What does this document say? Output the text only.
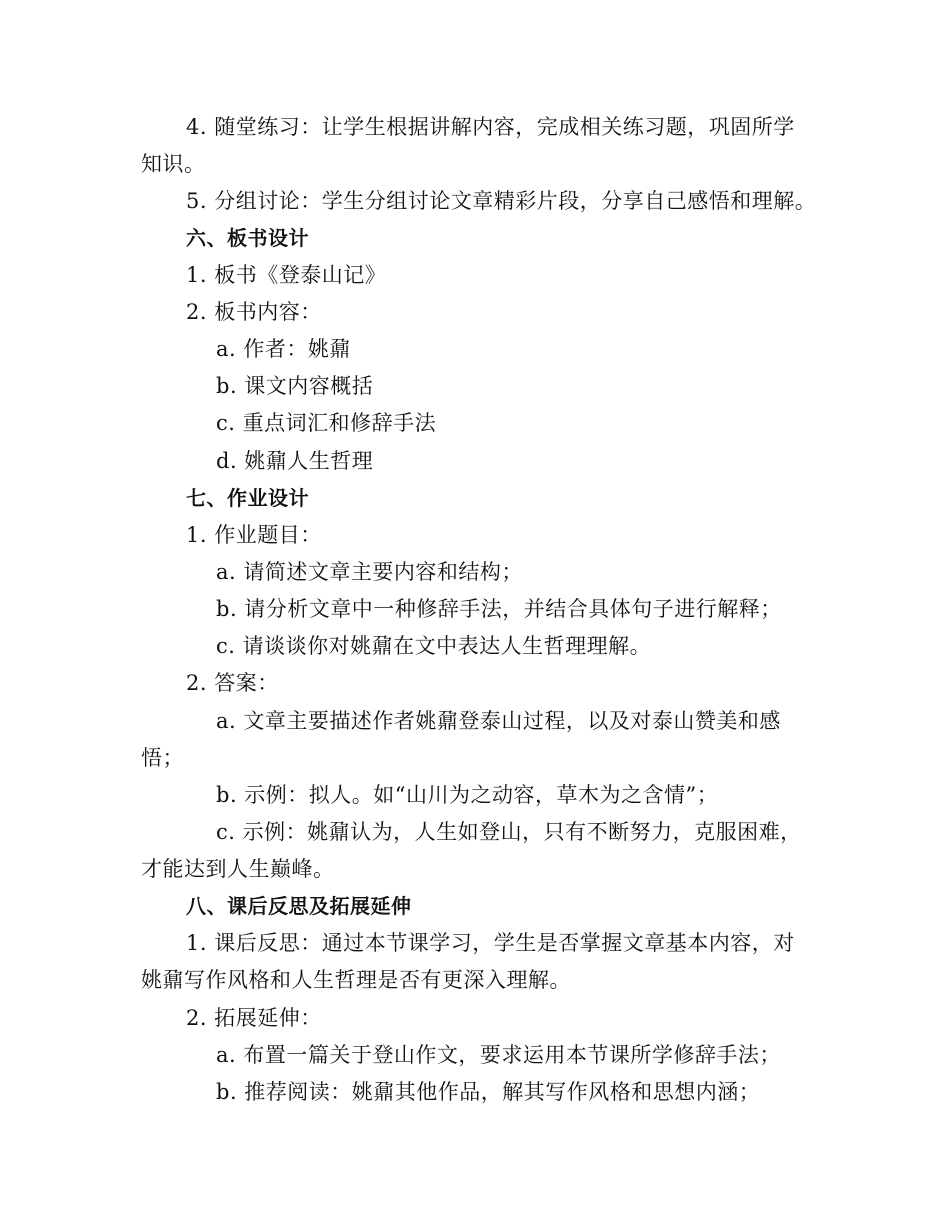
4. 随堂练习：让学生根据讲解内容，完成相关练习题，巩固所学
知识。
5. 分组讨论：学生分组讨论文章精彩片段，分享自己感悟和理解。
六、板书设计
1. 板书《登泰山记》
2. 板书内容：
a. 作者：姚鼐
b. 课文内容概括
c. 重点词汇和修辞手法
d. 姚鼐人生哲理
七、作业设计
1. 作业题目：
a. 请简述文章主要内容和结构；
b. 请分析文章中一种修辞手法，并结合具体句子进行解释；
c. 请谈谈你对姚鼐在文中表达人生哲理理解。
2. 答案：
a. 文章主要描述作者姚鼐登泰山过程，以及对泰山赞美和感
悟；
b. 示例：拟人。如“山川为之动容，草木为之含情”；
c. 示例：姚鼐认为，人生如登山，只有不断努力，克服困难，
才能达到人生巅峰。
八、课后反思及拓展延伸
1. 课后反思：通过本节课学习，学生是否掌握文章基本内容，对
姚鼐写作风格和人生哲理是否有更深入理解。
2. 拓展延伸：
a. 布置一篇关于登山作文，要求运用本节课所学修辞手法；
b. 推荐阅读：姚鼐其他作品，解其写作风格和思想内涵；
